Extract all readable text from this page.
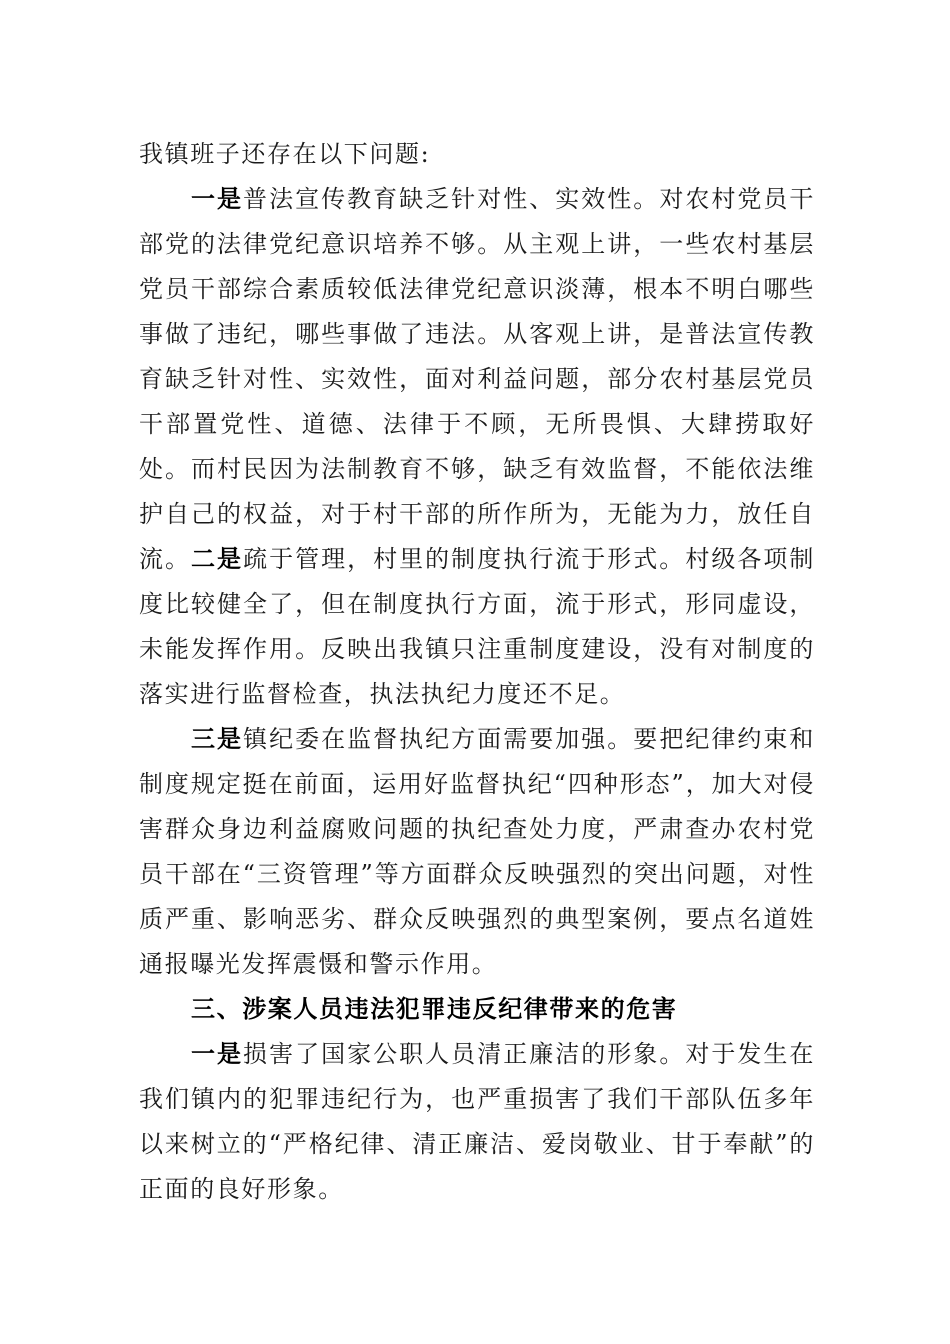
我镇班子还存在以下问题:

一是普法宣传教育缺乏针对性、实效性。对农村党员干部党的法律党纪意识培养不够。从主观上讲，一些农村基层党员干部综合素质较低法律党纪意识淡薄，根本不明白哪些事做了违纪，哪些事做了违法。从客观上讲，是普法宣传教育缺乏针对性、实效性，面对利益问题，部分农村基层党员干部置党性、道德、法律于不顾，无所畏惧、大肆捞取好处。而村民因为法制教育不够，缺乏有效监督，不能依法维护自己的权益，对于村干部的所作所为，无能为力，放任自流。二是疏于管理，村里的制度执行流于形式。村级各项制度比较健全了，但在制度执行方面，流于形式，形同虚设，未能发挥作用。反映出我镇只注重制度建设，没有对制度的落实进行监督检查，执法执纪力度还不足。

三是镇纪委在监督执纪方面需要加强。要把纪律约束和制度规定挺在前面，运用好监督执纪“四种形态”，加大对侵害群众身边利益腐败问题的执纪查处力度，严肃查办农村党员干部在“三资管理”等方面群众反映强烈的突出问题，对性质严重、影响恶劣、群众反映强烈的典型案例，要点名道姓通报曝光发挥震慑和警示作用。

三、涉案人员违法犯罪违反纪律带来的危害

一是损害了国家公职人员清正廉洁的形象。对于发生在我们镇内的犯罪违纪行为，也严重损害了我们干部队伍多年以来树立的“严格纪律、清正廉洁、爱岗敬业、甘于奉献”的正面的良好形象。
